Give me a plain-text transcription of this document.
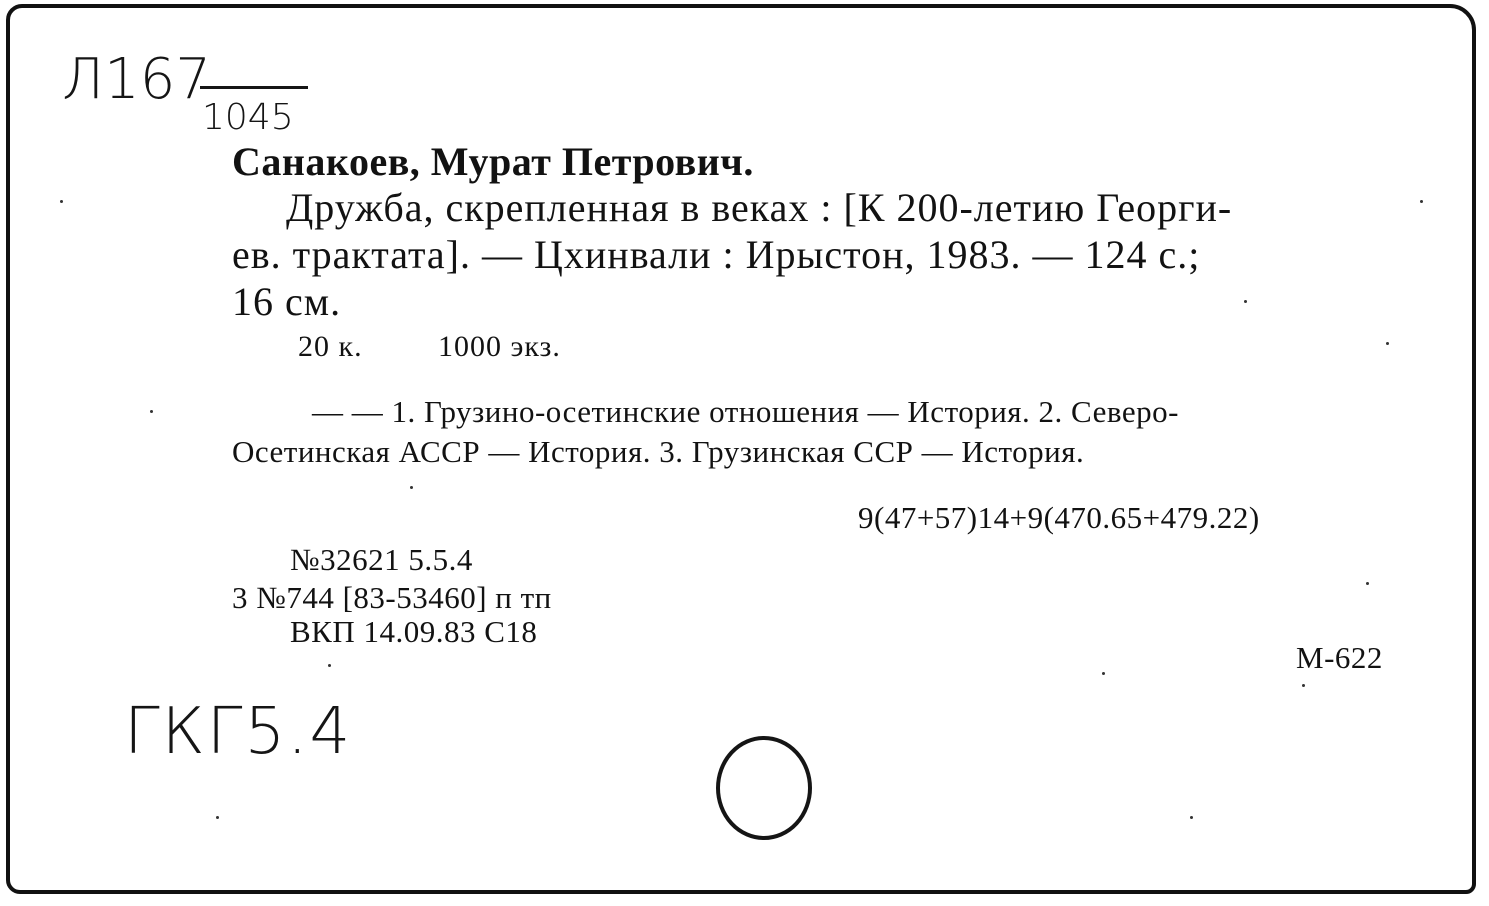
Л167
1045
Санакоев, Мурат Петрович.
Дружба, скрепленная в веках : [К 200-летию Георги-
ев. трактата]. — Цхинвали : Ирыстон, 1983. — 124 с.;
16 см.
20 к.	1000 экз.
— — 1. Грузино-осетинские отношения — История. 2. Северо-
Осетинская АССР — История. 3. Грузинская ССР — История.
9(47+57)14+9(470.65+479.22)
№32621 5.5.4
3 №744 [83-53460] п тп
ВКП 14.09.83 С18
М-622
ГКГ5.4
